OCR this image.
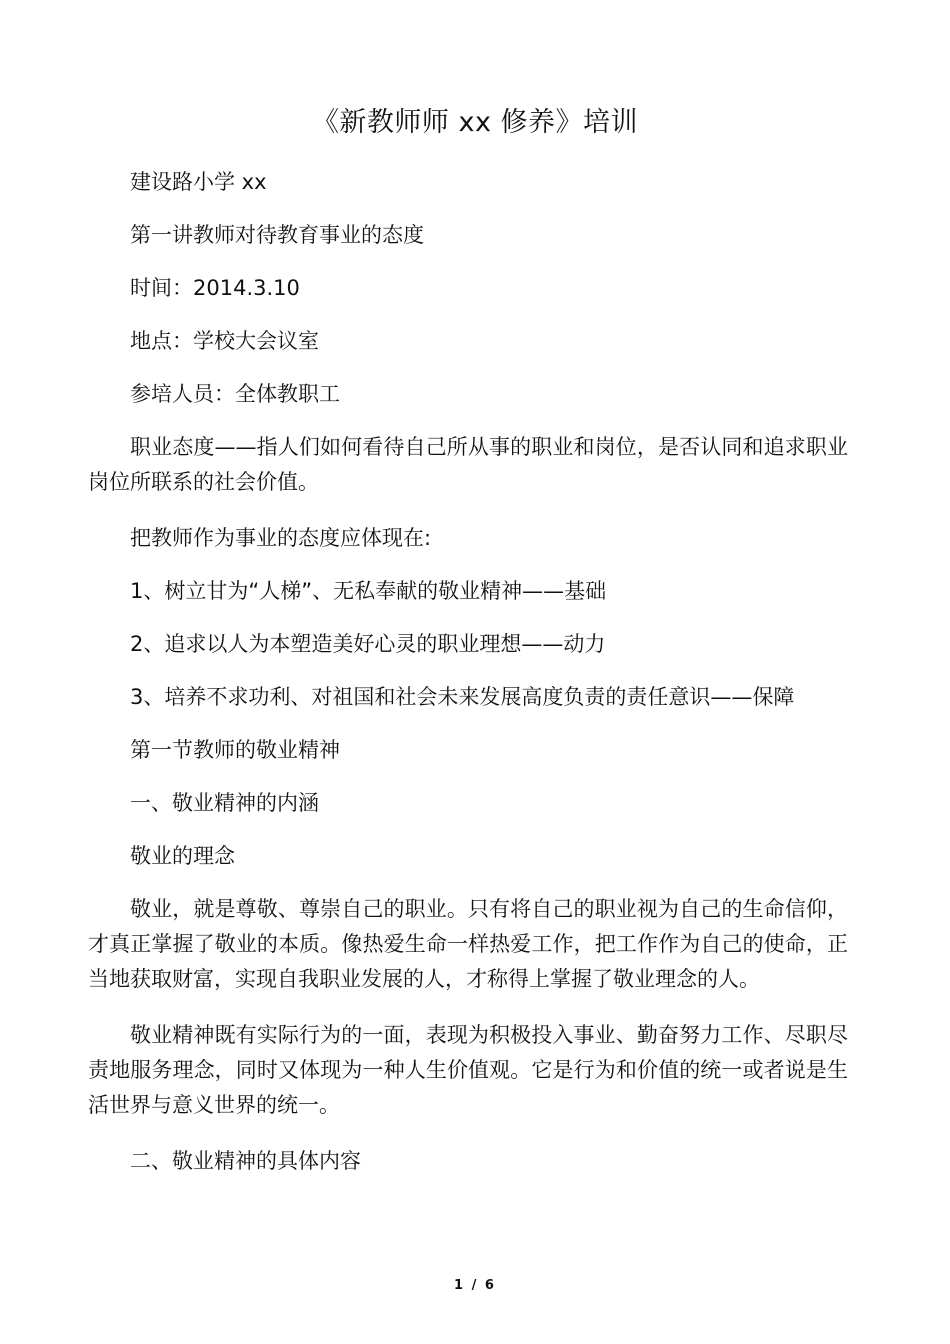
《新教师师 xx 修养》培训

建设路小学 xx

第一讲教师对待教育事业的态度

时间：2014.3.10

地点：学校大会议室

参培人员：全体教职工

职业态度——指人们如何看待自己所从事的职业和岗位，是否认同和追求职业岗位所联系的社会价值。

把教师作为事业的态度应体现在:

1、树立甘为“人梯”、无私奉献的敬业精神——基础

2、追求以人为本塑造美好心灵的职业理想——动力

3、培养不求功利、对祖国和社会未来发展高度负责的责任意识——保障

第一节教师的敬业精神

一、敬业精神的内涵

敬业的理念

敬业，就是尊敬、尊崇自己的职业。只有将自己的职业视为自己的生命信仰，才真正掌握了敬业的本质。像热爱生命一样热爱工作，把工作作为自己的使命，正当地获取财富，实现自我职业发展的人，才称得上掌握了敬业理念的人。

敬业精神既有实际行为的一面，表现为积极投入事业、勤奋努力工作、尽职尽责地服务理念，同时又体现为一种人生价值观。它是行为和价值的统一或者说是生活世界与意义世界的统一。

二、敬业精神的具体内容

1 / 6
